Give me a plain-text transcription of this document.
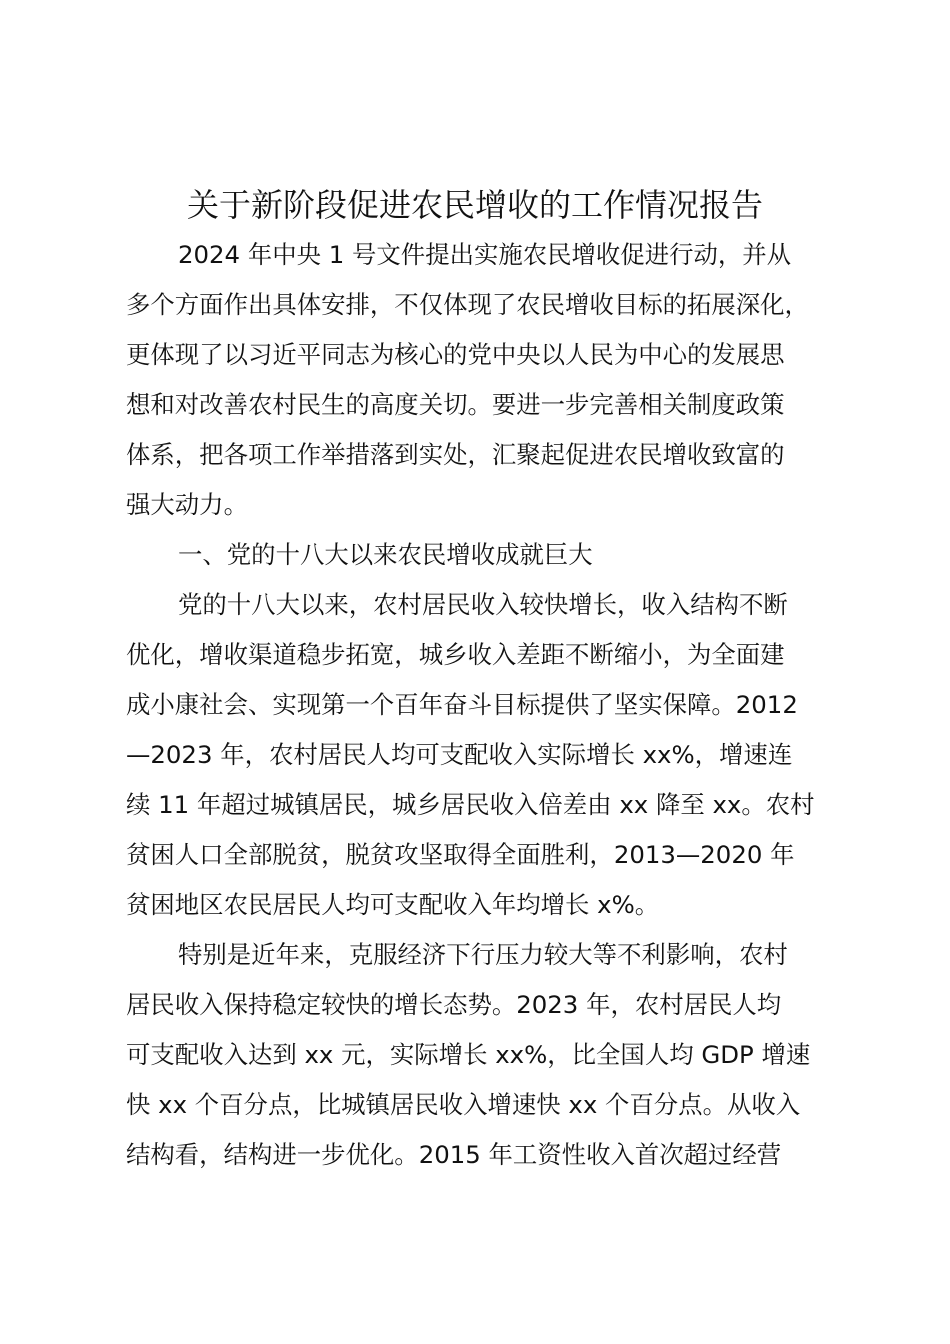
关于新阶段促进农民增收的工作情况报告
2024 年中央 1 号文件提出实施农民增收促进行动，并从
多个方面作出具体安排，不仅体现了农民增收目标的拓展深化，
更体现了以习近平同志为核心的党中央以人民为中心的发展思
想和对改善农村民生的高度关切。要进一步完善相关制度政策
体系，把各项工作举措落到实处，汇聚起促进农民增收致富的
强大动力。
一、党的十八大以来农民增收成就巨大
党的十八大以来，农村居民收入较快增长，收入结构不断
优化，增收渠道稳步拓宽，城乡收入差距不断缩小，为全面建
成小康社会、实现第一个百年奋斗目标提供了坚实保障。2012
—2023 年，农村居民人均可支配收入实际增长 xx%，增速连
续 11 年超过城镇居民，城乡居民收入倍差由 xx 降至 xx。农村
贫困人口全部脱贫，脱贫攻坚取得全面胜利，2013—2020 年
贫困地区农民居民人均可支配收入年均增长 x%。
特别是近年来，克服经济下行压力较大等不利影响，农村
居民收入保持稳定较快的增长态势。2023 年，农村居民人均
可支配收入达到 xx 元，实际增长 xx%，比全国人均 GDP 增速
快 xx 个百分点，比城镇居民收入增速快 xx 个百分点。从收入
结构看，结构进一步优化。2015 年工资性收入首次超过经营
